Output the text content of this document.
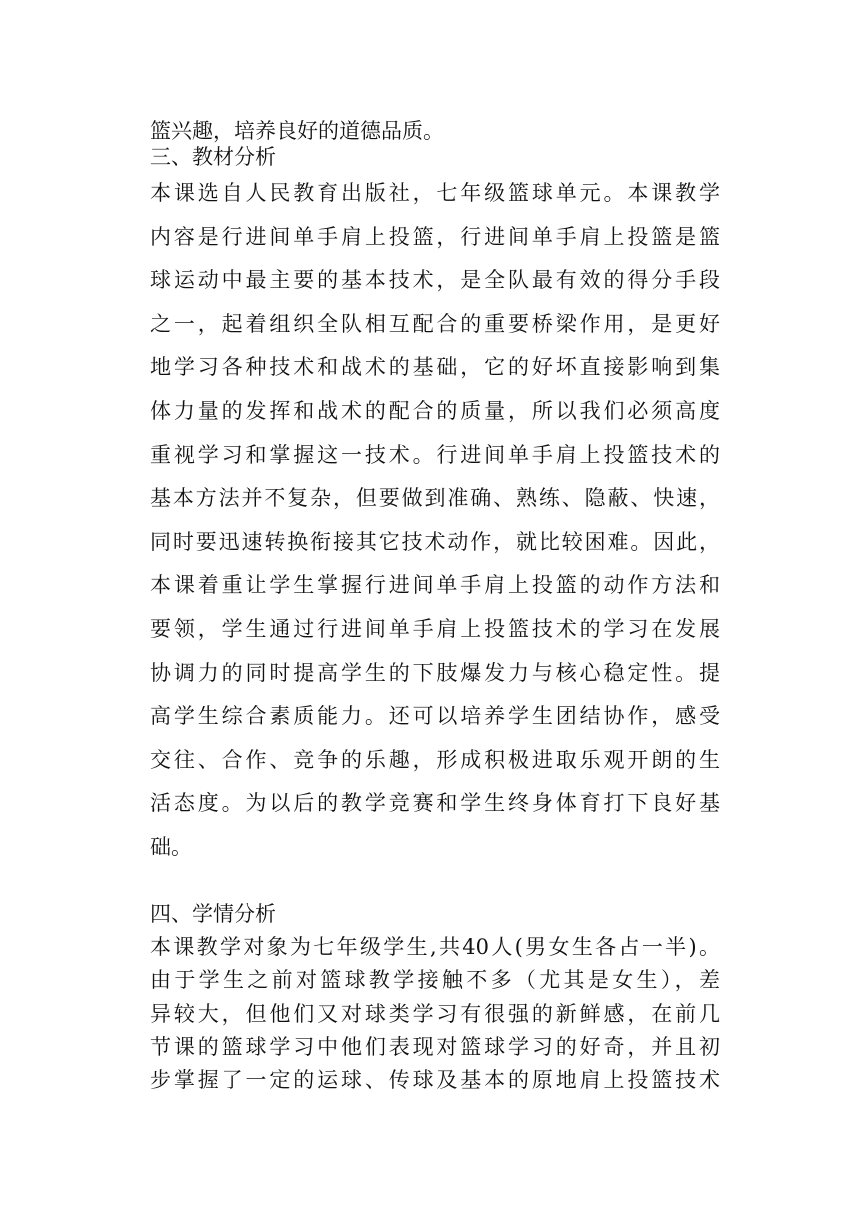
篮兴趣，培养良好的道德品质。
三、教材分析
本课选自人民教育出版社，七年级篮球单元。本课教学
内容是行进间单手肩上投篮，行进间单手肩上投篮是篮
球运动中最主要的基本技术，是全队最有效的得分手段
之一，起着组织全队相互配合的重要桥梁作用，是更好
地学习各种技术和战术的基础，它的好坏直接影响到集
体力量的发挥和战术的配合的质量，所以我们必须高度
重视学习和掌握这一技术。行进间单手肩上投篮技术的
基本方法并不复杂，但要做到准确、熟练、隐蔽、快速，
同时要迅速转换衔接其它技术动作，就比较困难。因此，
本课着重让学生掌握行进间单手肩上投篮的动作方法和
要领，学生通过行进间单手肩上投篮技术的学习在发展
协调力的同时提高学生的下肢爆发力与核心稳定性。提
高学生综合素质能力。还可以培养学生团结协作，感受
交往、合作、竞争的乐趣，形成积极进取乐观开朗的生
活态度。为以后的教学竞赛和学生终身体育打下良好基
础。
四、学情分析
本课教学对象为七年级学生,共40人(男女生各占一半)。
由于学生之前对篮球教学接触不多（尤其是女生），差
异较大，但他们又对球类学习有很强的新鲜感，在前几
节课的篮球学习中他们表现对篮球学习的好奇，并且初
步掌握了一定的运球、传球及基本的原地肩上投篮技术
